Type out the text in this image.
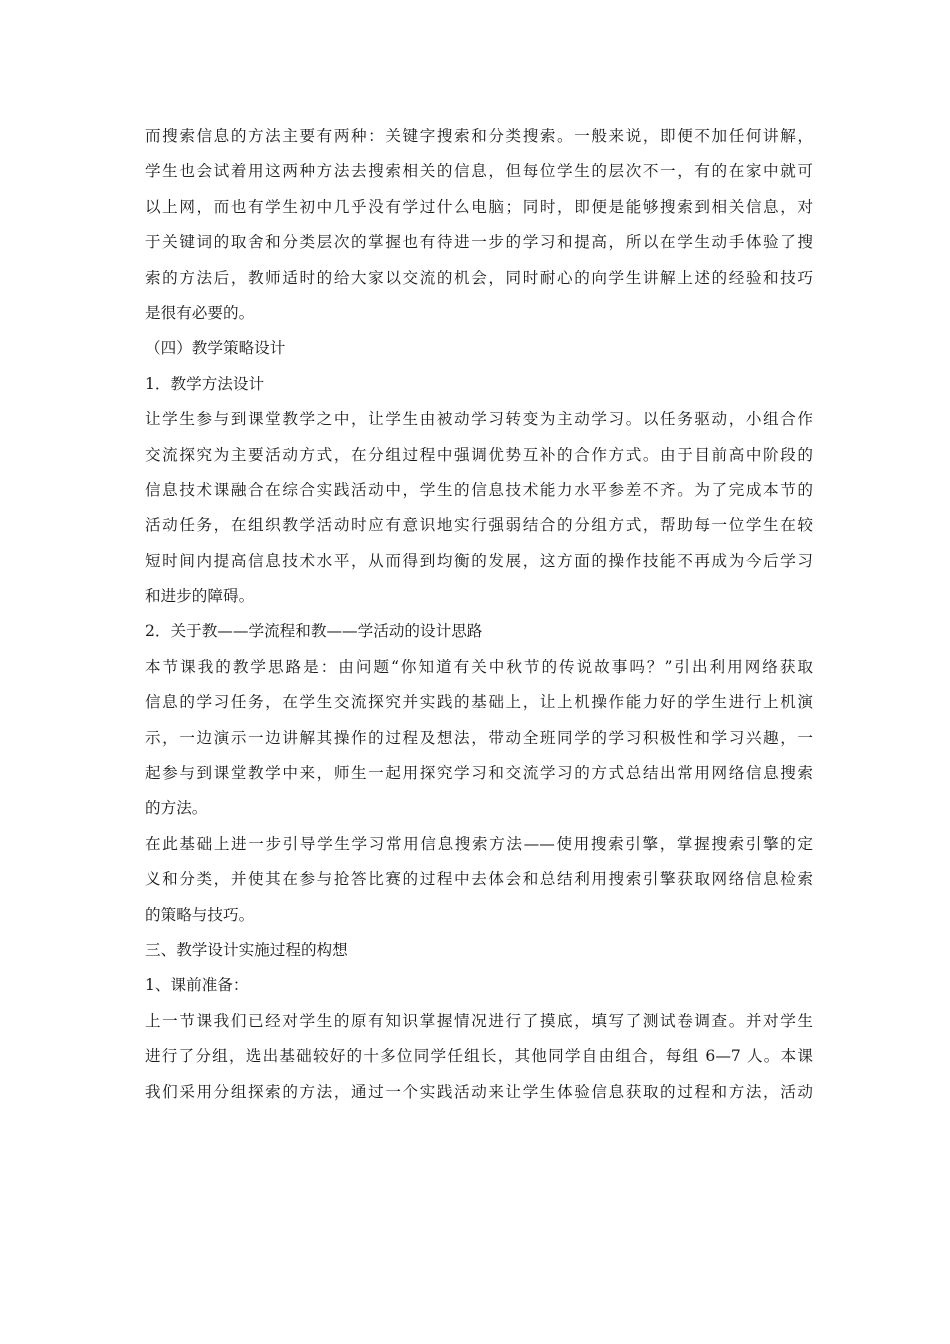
而搜索信息的方法主要有两种：关键字搜索和分类搜索。一般来说，即便不加任何讲解，
学生也会试着用这两种方法去搜索相关的信息，但每位学生的层次不一，有的在家中就可
以上网，而也有学生初中几乎没有学过什么电脑；同时，即便是能够搜索到相关信息，对
于关键词的取舍和分类层次的掌握也有待进一步的学习和提高，所以在学生动手体验了搜
索的方法后，教师适时的给大家以交流的机会，同时耐心的向学生讲解上述的经验和技巧
是很有必要的。
（四）教学策略设计
1．教学方法设计
让学生参与到课堂教学之中，让学生由被动学习转变为主动学习。以任务驱动，小组合作
交流探究为主要活动方式，在分组过程中强调优势互补的合作方式。由于目前高中阶段的
信息技术课融合在综合实践活动中，学生的信息技术能力水平参差不齐。为了完成本节的
活动任务，在组织教学活动时应有意识地实行强弱结合的分组方式，帮助每一位学生在较
短时间内提高信息技术水平，从而得到均衡的发展，这方面的操作技能不再成为今后学习
和进步的障碍。
2．关于教——学流程和教——学活动的设计思路
本节课我的教学思路是：由问题“你知道有关中秋节的传说故事吗？”引出利用网络获取
信息的学习任务，在学生交流探究并实践的基础上，让上机操作能力好的学生进行上机演
示，一边演示一边讲解其操作的过程及想法，带动全班同学的学习积极性和学习兴趣，一
起参与到课堂教学中来，师生一起用探究学习和交流学习的方式总结出常用网络信息搜索
的方法。
在此基础上进一步引导学生学习常用信息搜索方法——使用搜索引擎，掌握搜索引擎的定
义和分类，并使其在参与抢答比赛的过程中去体会和总结利用搜索引擎获取网络信息检索
的策略与技巧。
三、教学设计实施过程的构想
1、课前准备：
上一节课我们已经对学生的原有知识掌握情况进行了摸底，填写了测试卷调查。并对学生
进行了分组，选出基础较好的十多位同学任组长，其他同学自由组合，每组 6—7 人。本课
我们采用分组探索的方法，通过一个实践活动来让学生体验信息获取的过程和方法，活动
